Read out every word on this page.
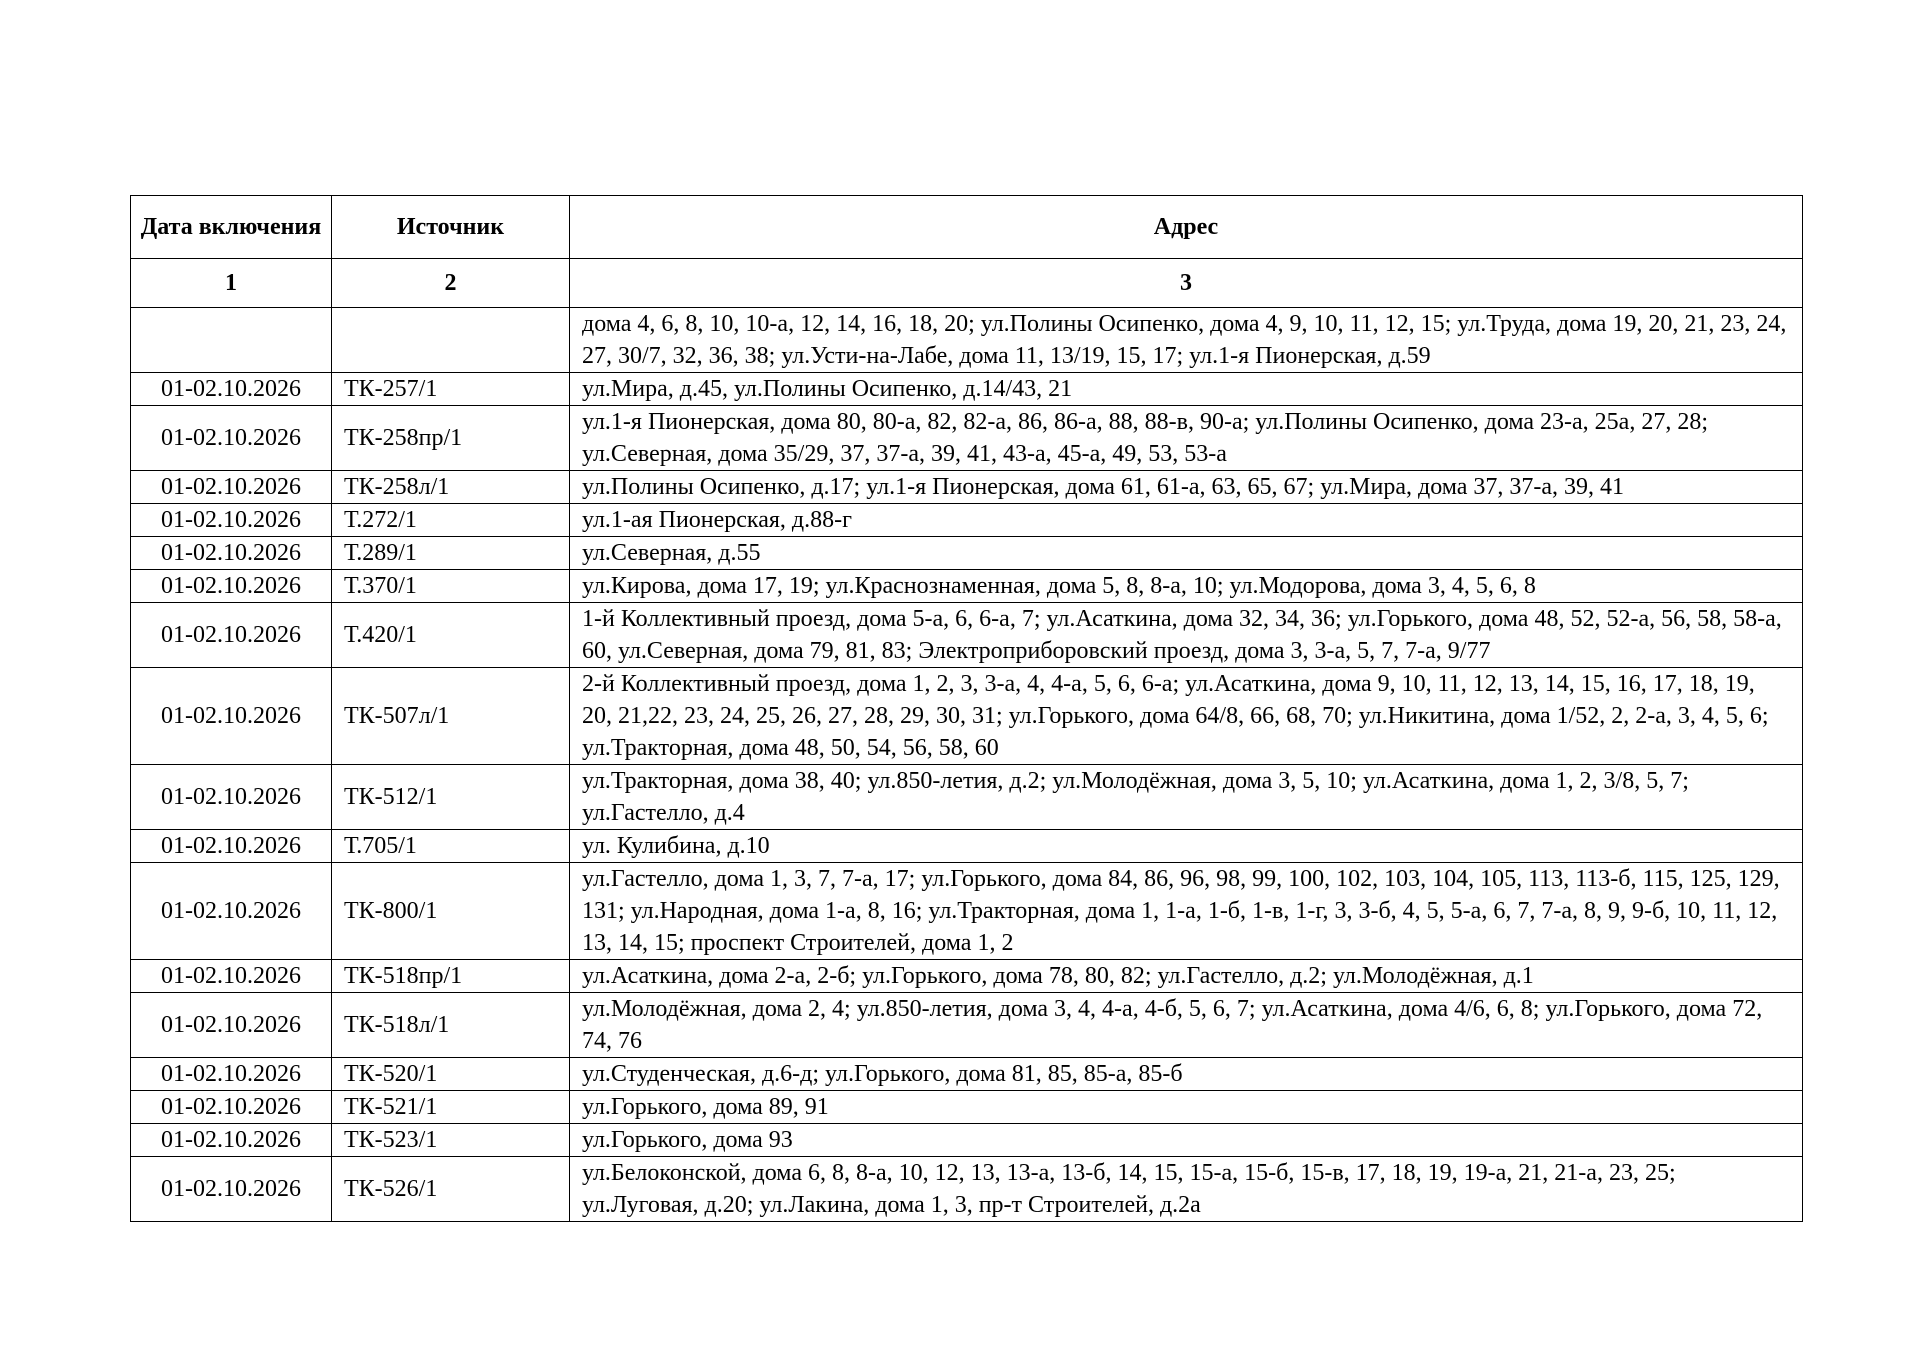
Дата включения	Источник	Адрес
1	2	3
		дома 4, 6, 8, 10, 10-а, 12, 14, 16, 18, 20; ул.Полины Осипенко, дома 4, 9, 10, 11, 12, 15; ул.Труда, дома 19, 20, 21, 23, 24, 27, 30/7, 32, 36, 38; ул.Усти-на-Лабе, дома 11, 13/19, 15, 17; ул.1-я Пионерская, д.59
01-02.10.2026	ТК-257/1	ул.Мира, д.45, ул.Полины Осипенко, д.14/43, 21
01-02.10.2026	ТК-258пр/1	ул.1-я Пионерская, дома 80, 80-а, 82, 82-а, 86, 86-а, 88, 88-в, 90-а; ул.Полины Осипенко, дома 23-а, 25а, 27, 28; ул.Северная, дома 35/29, 37, 37-а, 39, 41, 43-а, 45-а, 49, 53, 53-а
01-02.10.2026	ТК-258л/1	ул.Полины Осипенко, д.17; ул.1-я Пионерская, дома 61, 61-а, 63, 65, 67; ул.Мира, дома 37, 37-а, 39, 41
01-02.10.2026	Т.272/1	ул.1-ая Пионерская, д.88-г
01-02.10.2026	Т.289/1	ул.Северная, д.55
01-02.10.2026	Т.370/1	ул.Кирова, дома 17, 19; ул.Краснознаменная, дома 5, 8, 8-а, 10; ул.Модорова, дома 3, 4, 5, 6, 8
01-02.10.2026	Т.420/1	1-й Коллективный проезд, дома 5-а, 6, 6-а, 7; ул.Асаткина, дома 32, 34, 36; ул.Горького, дома 48, 52, 52-а, 56, 58, 58-а, 60, ул.Северная, дома 79, 81, 83; Электроприборовский проезд, дома 3, 3-а, 5, 7, 7-а, 9/77
01-02.10.2026	ТК-507л/1	2-й Коллективный проезд, дома 1, 2, 3, 3-а, 4, 4-а, 5, 6, 6-а; ул.Асаткина, дома 9, 10, 11, 12, 13, 14, 15, 16, 17, 18, 19, 20, 21,22, 23, 24, 25, 26, 27, 28, 29, 30, 31; ул.Горького, дома 64/8, 66, 68, 70; ул.Никитина, дома 1/52, 2, 2-а, 3, 4, 5, 6; ул.Тракторная, дома 48, 50, 54, 56, 58, 60
01-02.10.2026	ТК-512/1	ул.Тракторная, дома 38, 40; ул.850-летия, д.2; ул.Молодёжная, дома 3, 5, 10; ул.Асаткина, дома 1, 2, 3/8, 5, 7; ул.Гастелло, д.4
01-02.10.2026	Т.705/1	ул. Кулибина, д.10
01-02.10.2026	ТК-800/1	ул.Гастелло, дома 1, 3, 7, 7-а, 17; ул.Горького, дома 84, 86, 96, 98, 99, 100, 102, 103, 104, 105, 113, 113-б, 115, 125, 129, 131; ул.Народная, дома 1-а, 8, 16; ул.Тракторная, дома 1, 1-а, 1-б, 1-в, 1-г, 3, 3-б, 4, 5, 5-а, 6, 7, 7-а, 8, 9, 9-б, 10, 11, 12, 13, 14, 15; проспект Строителей, дома 1, 2
01-02.10.2026	ТК-518пр/1	ул.Асаткина, дома 2-а, 2-б; ул.Горького, дома 78, 80, 82; ул.Гастелло, д.2; ул.Молодёжная, д.1
01-02.10.2026	ТК-518л/1	ул.Молодёжная, дома 2, 4; ул.850-летия, дома 3, 4, 4-а, 4-б, 5, 6, 7; ул.Асаткина, дома 4/6, 6, 8; ул.Горького, дома 72, 74, 76
01-02.10.2026	ТК-520/1	ул.Студенческая, д.6-д; ул.Горького, дома 81, 85, 85-а, 85-б
01-02.10.2026	ТК-521/1	ул.Горького, дома 89, 91
01-02.10.2026	ТК-523/1	ул.Горького, дома 93
01-02.10.2026	ТК-526/1	ул.Белоконской, дома 6, 8, 8-а, 10, 12, 13, 13-а, 13-б, 14, 15, 15-а, 15-б, 15-в, 17, 18, 19, 19-а, 21, 21-а, 23, 25; ул.Луговая, д.20; ул.Лакина, дома 1, 3, пр-т Строителей, д.2а
